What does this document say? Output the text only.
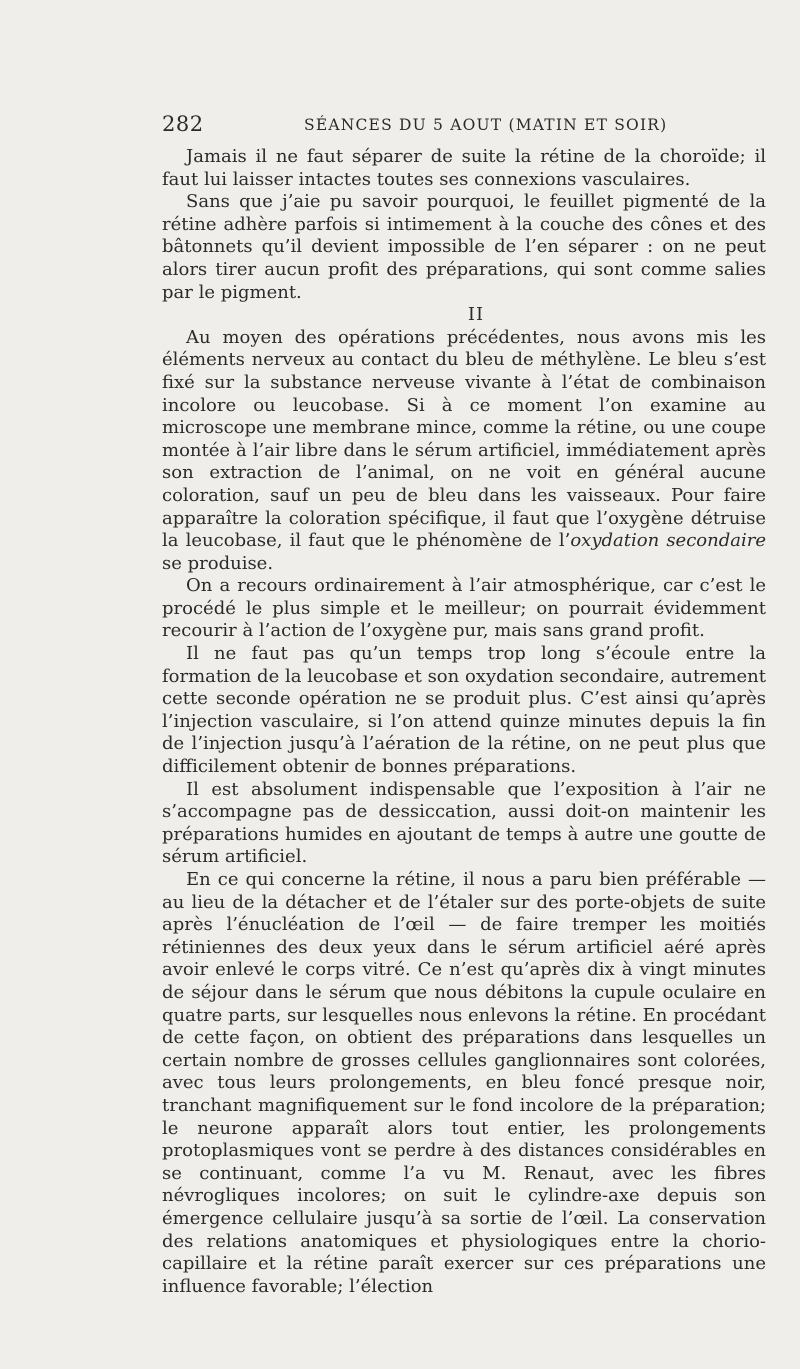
282	SÉANCES DU 5 AOUT (MATIN ET SOIR)

Jamais il ne faut séparer de suite la rétine de la choroïde; il faut lui laisser intactes toutes ses connexions vasculaires.

Sans que j’aie pu savoir pourquoi, le feuillet pigmenté de la rétine adhère parfois si intimement à la couche des cônes et des bâtonnets qu’il devient impossible de l’en séparer : on ne peut alors tirer aucun profit des préparations, qui sont comme salies par le pigment.

II

Au moyen des opérations précédentes, nous avons mis les éléments nerveux au contact du bleu de méthylène. Le bleu s’est fixé sur la substance nerveuse vivante à l’état de combinaison incolore ou leucobase. Si à ce moment l’on examine au microscope une membrane mince, comme la rétine, ou une coupe montée à l’air libre dans le sérum artificiel, immédiatement après son extraction de l’animal, on ne voit en général aucune coloration, sauf un peu de bleu dans les vaisseaux. Pour faire apparaître la coloration spécifique, il faut que l’oxygène détruise la leucobase, il faut que le phénomène de l’oxydation secondaire se produise.

On a recours ordinairement à l’air atmosphérique, car c’est le procédé le plus simple et le meilleur; on pourrait évidemment recourir à l’action de l’oxygène pur, mais sans grand profit.

Il ne faut pas qu’un temps trop long s’écoule entre la formation de la leucobase et son oxydation secondaire, autrement cette seconde opération ne se produit plus. C’est ainsi qu’après l’injection vasculaire, si l’on attend quinze minutes depuis la fin de l’injection jusqu’à l’aération de la rétine, on ne peut plus que difficilement obtenir de bonnes préparations.

Il est absolument indispensable que l’exposition à l’air ne s’accompagne pas de dessiccation, aussi doit-on maintenir les préparations humides en ajoutant de temps à autre une goutte de sérum artificiel.

En ce qui concerne la rétine, il nous a paru bien préférable — au lieu de la détacher et de l’étaler sur des porte-objets de suite après l’énucléation de l’œil — de faire tremper les moitiés rétiniennes des deux yeux dans le sérum artificiel aéré après avoir enlevé le corps vitré. Ce n’est qu’après dix à vingt minutes de séjour dans le sérum que nous débitons la cupule oculaire en quatre parts, sur lesquelles nous enlevons la rétine. En procédant de cette façon, on obtient des préparations dans lesquelles un certain nombre de grosses cellules ganglionnaires sont colorées, avec tous leurs prolongements, en bleu foncé presque noir, tranchant magnifiquement sur le fond incolore de la préparation; le neurone apparaît alors tout entier, les prolongements protoplasmiques vont se perdre à des distances considérables en se continuant, comme l’a vu M. Renaut, avec les fibres névrogliques incolores; on suit le cylindre-axe depuis son émergence cellulaire jusqu’à sa sortie de l’œil. La conservation des relations anatomiques et physiologiques entre la chorio-capillaire et la rétine paraît exercer sur ces préparations une influence favorable; l’élection
